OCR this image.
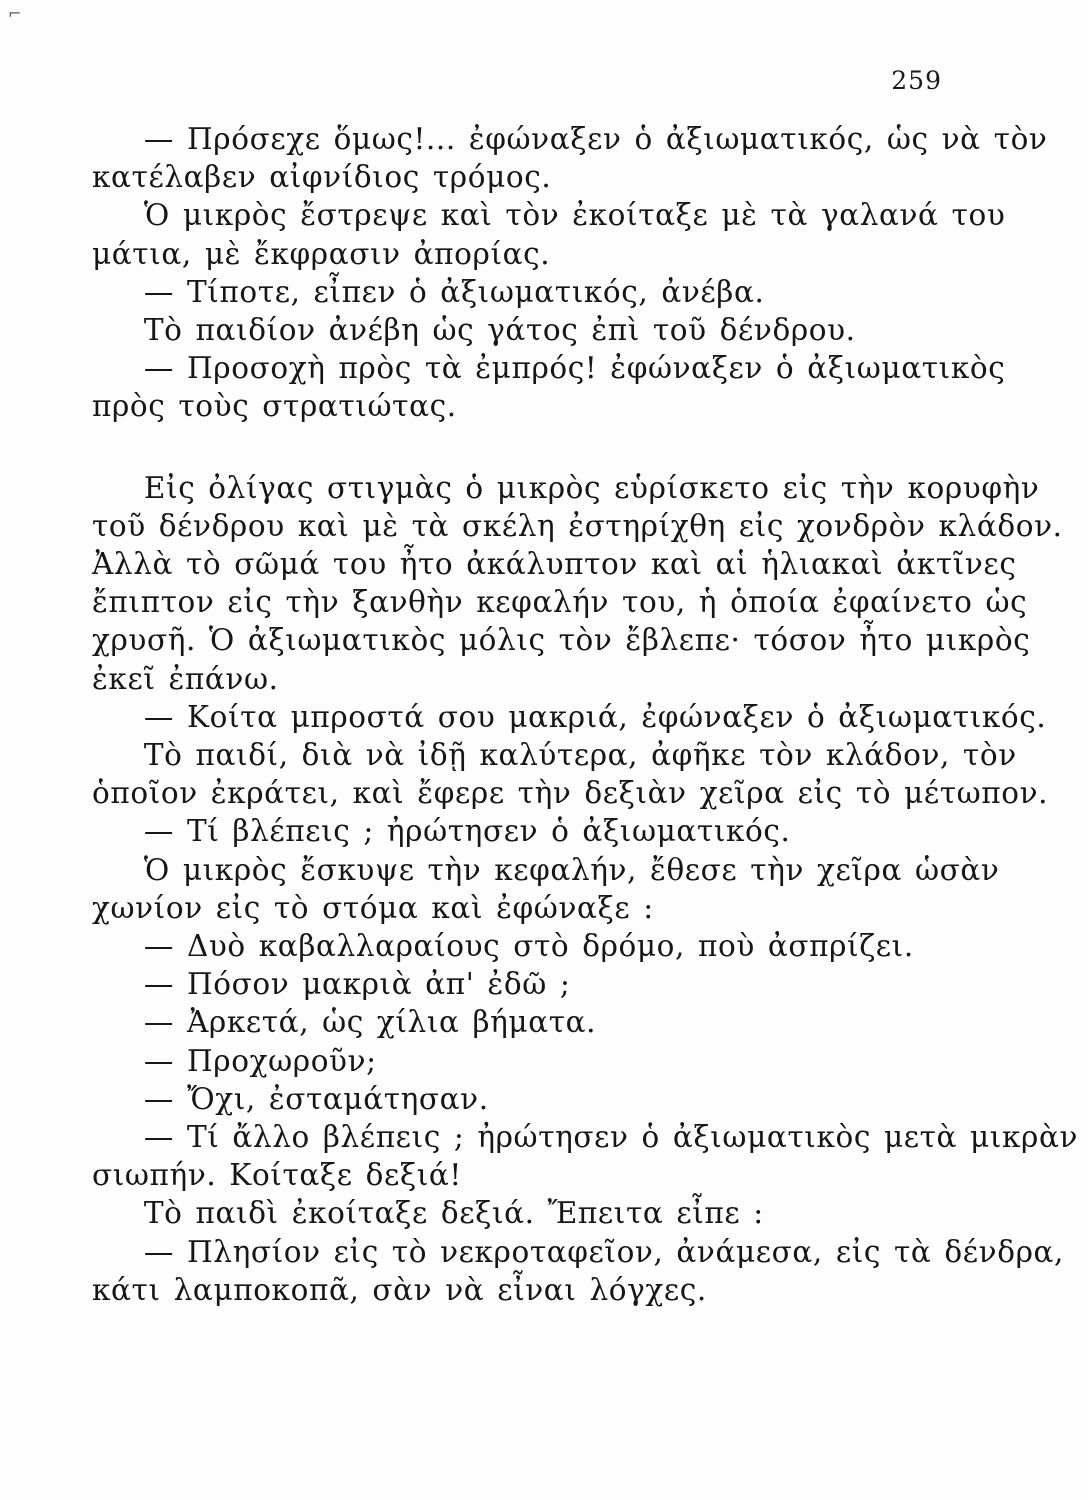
⌐
259
— Πρόσεχε ὅμως!... ἐφώναξεν ὁ ἀξιωματικός, ὡς νὰ τὸν
κατέλαβεν αἰφνίδιος τρόμος.
Ὁ μικρὸς ἔστρεψε καὶ τὸν ἐκοίταξε μὲ τὰ γαλανά του
μάτια, μὲ ἔκφρασιν ἀπορίας.
— Τίποτε, εἶπεν ὁ ἀξιωματικός, ἀνέβα.
Τὸ παιδίον ἀνέβη ὡς γάτος ἐπὶ τοῦ δένδρου.
— Προσοχὴ πρὸς τὰ ἐμπρός! ἐφώναξεν ὁ ἀξιωματικὸς
πρὸς τοὺς στρατιώτας.
Εἰς ὀλίγας στιγμὰς ὁ μικρὸς εὑρίσκετο εἰς τὴν κορυφὴν
τοῦ δένδρου καὶ μὲ τὰ σκέλη ἐστηρίχθη εἰς χονδρὸν κλάδον.
Ἀλλὰ τὸ σῶμά του ἦτο ἀκάλυπτον καὶ αἱ ἡλιακαὶ ἀκτῖνες
ἔπιπτον εἰς τὴν ξανθὴν κεφαλήν του, ἡ ὁποία ἐφαίνετο ὡς
χρυσῆ. Ὁ ἀξιωματικὸς μόλις τὸν ἔβλεπε· τόσον ἦτο μικρὸς
ἐκεῖ ἐπάνω.
— Κοίτα μπροστά σου μακριά, ἐφώναξεν ὁ ἀξιωματικός.
Τὸ παιδί, διὰ νὰ ἰδῇ καλύτερα, ἀφῆκε τὸν κλάδον, τὸν
ὁποῖον ἐκράτει, καὶ ἔφερε τὴν δεξιὰν χεῖρα εἰς τὸ μέτωπον.
— Τί βλέπεις ; ἠρώτησεν ὁ ἀξιωματικός.
Ὁ μικρὸς ἔσκυψε τὴν κεφαλήν, ἔθεσε τὴν χεῖρα ὡσὰν
χωνίον εἰς τὸ στόμα καὶ ἐφώναξε :
— Δυὸ καβαλλαραίους στὸ δρόμο, ποὺ ἀσπρίζει.
— Πόσον μακριὰ ἀπ' ἐδῶ ;
— Ἀρκετά, ὡς χίλια βήματα.
— Προχωροῦν;
— Ὄχι, ἐσταμάτησαν.
— Τί ἄλλο βλέπεις ; ἠρώτησεν ὁ ἀξιωματικὸς μετὰ μικρὰν
σιωπήν. Κοίταξε δεξιά!
Τὸ παιδὶ ἐκοίταξε δεξιά. Ἔπειτα εἶπε :
— Πλησίον εἰς τὸ νεκροταφεῖον, ἀνάμεσα, εἰς τὰ δένδρα,
κάτι λαμποκοπᾶ, σὰν νὰ εἶναι λόγχες.
